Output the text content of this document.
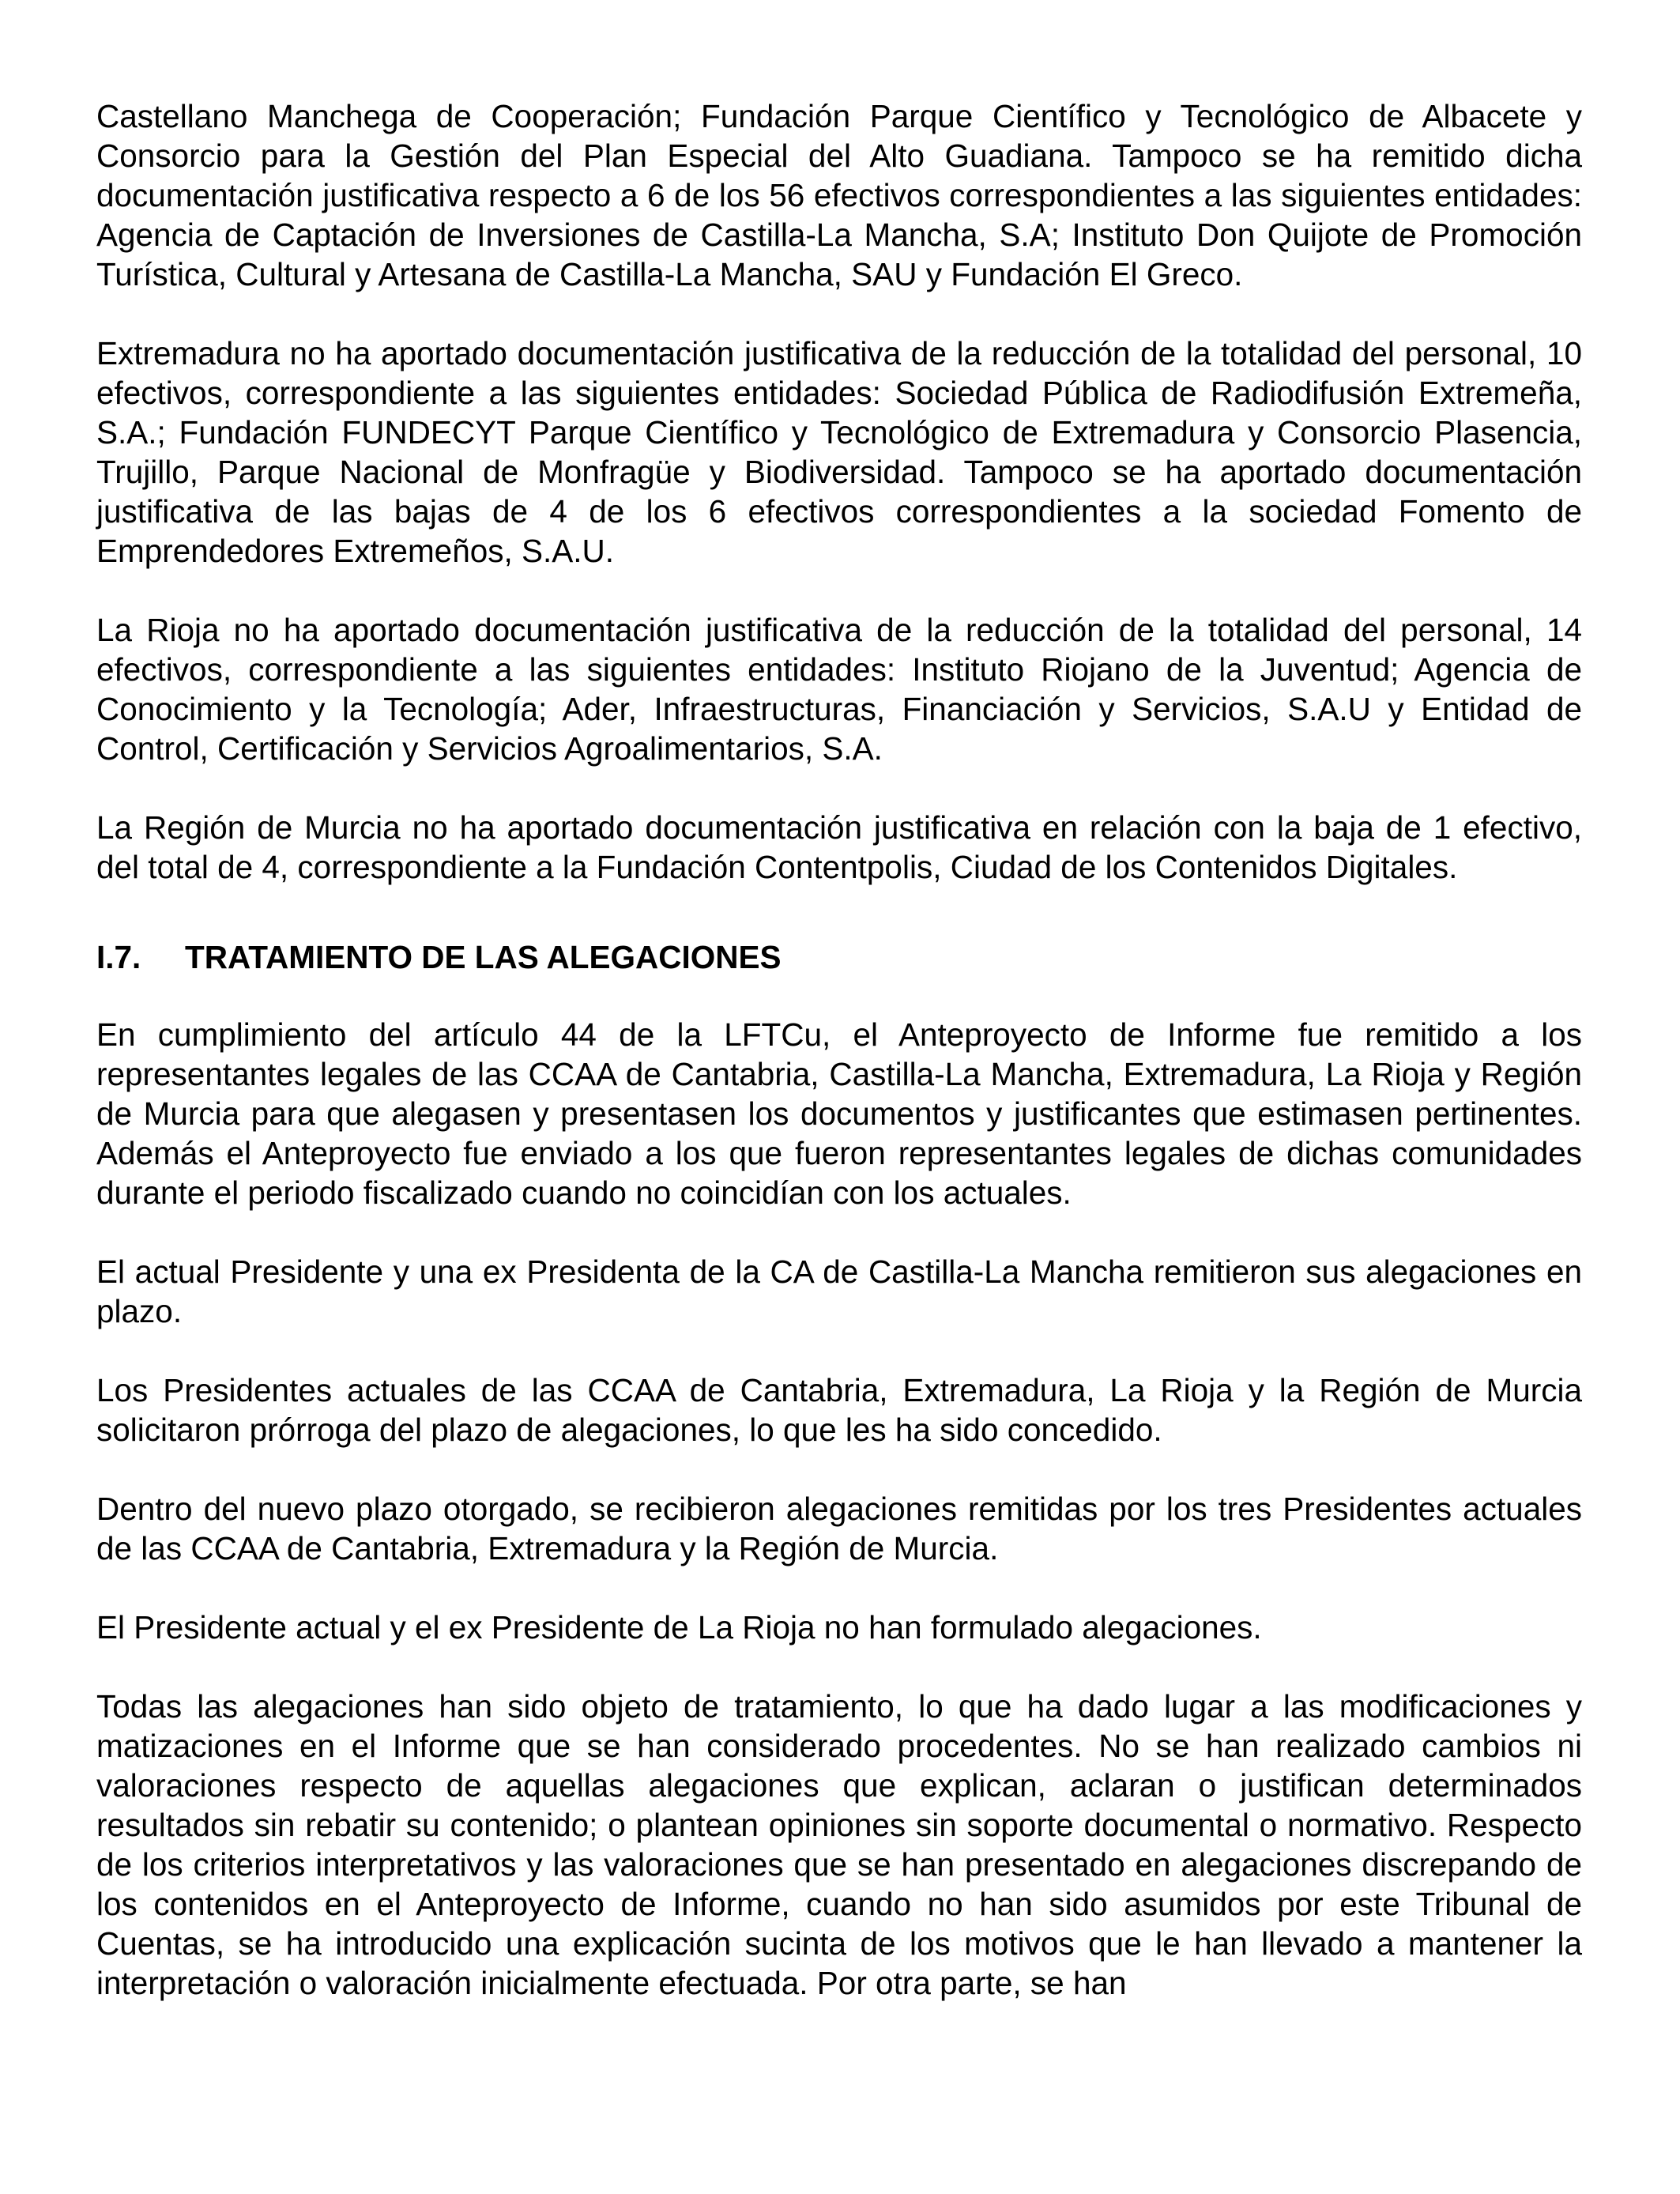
Castellano Manchega de Cooperación; Fundación Parque Científico y Tecnológico de Albacete y Consorcio para la Gestión del Plan Especial del Alto Guadiana. Tampoco se ha remitido dicha documentación justificativa respecto a 6 de los 56 efectivos correspondientes a las siguientes entidades: Agencia de Captación de Inversiones de Castilla-La Mancha, S.A; Instituto Don Quijote de Promoción Turística, Cultural y Artesana de Castilla-La Mancha, SAU y Fundación El Greco.

Extremadura no ha aportado documentación justificativa de la reducción de la totalidad del personal, 10 efectivos, correspondiente a las siguientes entidades: Sociedad Pública de Radiodifusión Extremeña, S.A.; Fundación FUNDECYT Parque Científico y Tecnológico de Extremadura y Consorcio Plasencia, Trujillo, Parque Nacional de Monfragüe y Biodiversidad. Tampoco se ha aportado documentación justificativa de las bajas de 4 de los 6 efectivos correspondientes a la sociedad Fomento de Emprendedores Extremeños, S.A.U.

La Rioja no ha aportado documentación justificativa de la reducción de la totalidad del personal, 14 efectivos, correspondiente a las siguientes entidades: Instituto Riojano de la Juventud; Agencia de Conocimiento y la Tecnología; Ader, Infraestructuras, Financiación y Servicios, S.A.U y Entidad de Control, Certificación y Servicios Agroalimentarios, S.A.

La Región de Murcia no ha aportado documentación justificativa en relación con la baja de 1 efectivo, del total de 4, correspondiente a la Fundación Contentpolis, Ciudad de los Contenidos Digitales.

I.7.	TRATAMIENTO DE LAS ALEGACIONES

En cumplimiento del artículo 44 de la LFTCu, el Anteproyecto de Informe fue remitido a los representantes legales de las CCAA de Cantabria, Castilla-La Mancha, Extremadura, La Rioja y Región de Murcia para que alegasen y presentasen los documentos y justificantes que estimasen pertinentes. Además el Anteproyecto fue enviado a los que fueron representantes legales de dichas comunidades durante el periodo fiscalizado cuando no coincidían con los actuales.

El actual Presidente y una ex Presidenta de la CA de Castilla-La Mancha remitieron sus alegaciones en plazo.

Los Presidentes actuales de las CCAA de Cantabria, Extremadura, La Rioja y la Región de Murcia solicitaron prórroga del plazo de alegaciones, lo que les ha sido concedido.

Dentro del nuevo plazo otorgado, se recibieron alegaciones remitidas por los tres Presidentes actuales de las CCAA de Cantabria, Extremadura y la Región de Murcia.

El Presidente actual y el ex Presidente de La Rioja no han formulado alegaciones.

Todas las alegaciones han sido objeto de tratamiento, lo que ha dado lugar a las modificaciones y matizaciones en el Informe que se han considerado procedentes. No se han realizado cambios ni valoraciones respecto de aquellas alegaciones que explican, aclaran o justifican determinados resultados sin rebatir su contenido; o plantean opiniones sin soporte documental o normativo. Respecto de los criterios interpretativos y las valoraciones que se han presentado en alegaciones discrepando de los contenidos en el Anteproyecto de Informe, cuando no han sido asumidos por este Tribunal de Cuentas, se ha introducido una explicación sucinta de los motivos que le han llevado a mantener la interpretación o valoración inicialmente efectuada. Por otra parte, se han
